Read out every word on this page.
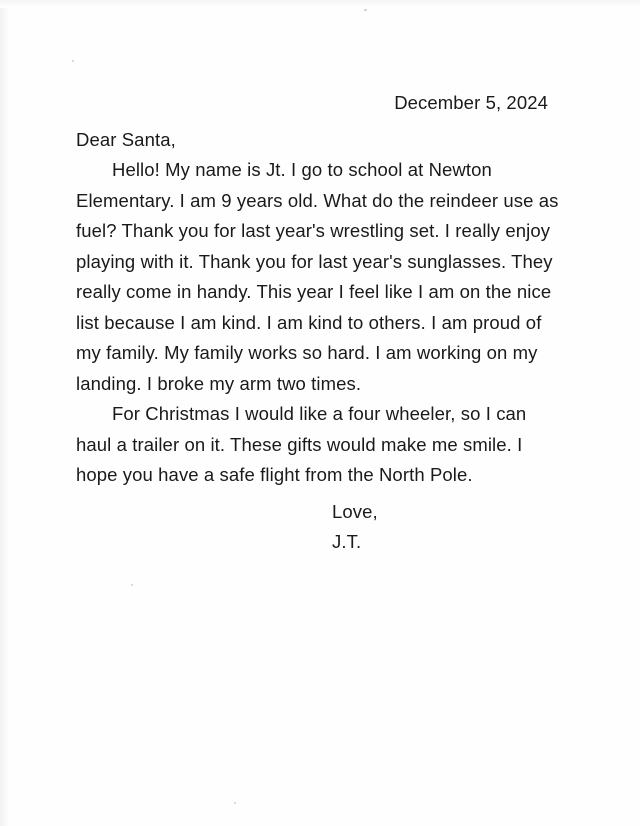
December 5, 2024
Dear Santa,

Hello! My name is Jt. I go to school at Newton Elementary. I am 9 years old. What do the reindeer use as fuel? Thank you for last year's wrestling set. I really enjoy playing with it. Thank you for last year's sunglasses. They really come in handy. This year I feel like I am on the nice list because I am kind. I am kind to others. I am proud of my family. My family works so hard. I am working on my landing. I broke my arm two times.

For Christmas I would like a four wheeler, so I can haul a trailer on it. These gifts would make me smile. I hope you have a safe flight from the North Pole.

Love,
J.T.
